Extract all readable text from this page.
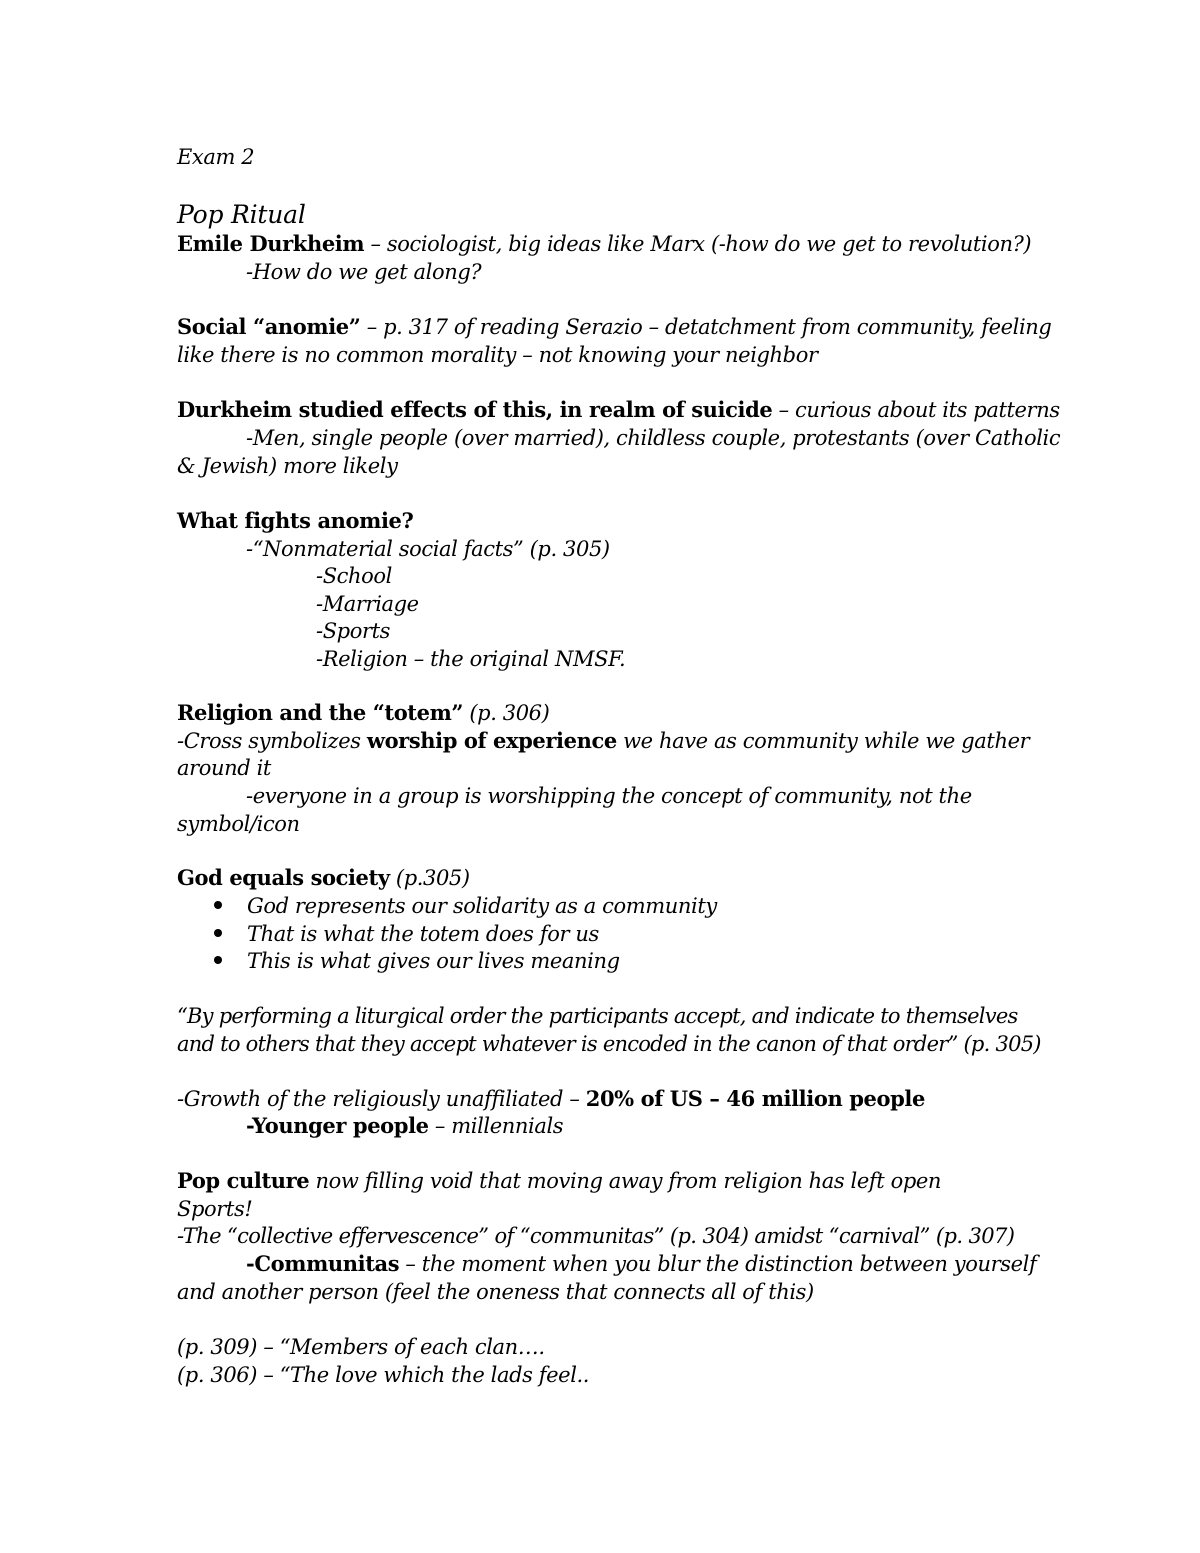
Exam 2
Pop Ritual
Emile Durkheim – sociologist, big ideas like Marx (-how do we get to revolution?)
-How do we get along?
Social “anomie” – p. 317 of reading Serazio – detatchment from community, feeling
like there is no common morality – not knowing your neighbor
Durkheim studied effects of this, in realm of suicide – curious about its patterns
-Men, single people (over married), childless couple, protestants (over Catholic
& Jewish) more likely
What fights anomie?
-“Nonmaterial social facts” (p. 305)
-School
-Marriage
-Sports
-Religion – the original NMSF.
Religion and the “totem” (p. 306)
-Cross symbolizes worship of experience we have as community while we gather
around it
-everyone in a group is worshipping the concept of community, not the
symbol/icon
God equals society (p.305)
God represents our solidarity as a community
That is what the totem does for us
This is what gives our lives meaning
“By performing a liturgical order the participants accept, and indicate to themselves
and to others that they accept whatever is encoded in the canon of that order” (p. 305)
-Growth of the religiously unaffiliated – 20% of US – 46 million people
-Younger people – millennials
Pop culture now filling void that moving away from religion has left open
Sports!
-The “collective effervescence” of “communitas” (p. 304) amidst “carnival” (p. 307)
-Communitas – the moment when you blur the distinction between yourself
and another person (feel the oneness that connects all of this)
(p. 309) – “Members of each clan….
(p. 306) – “The love which the lads feel..
